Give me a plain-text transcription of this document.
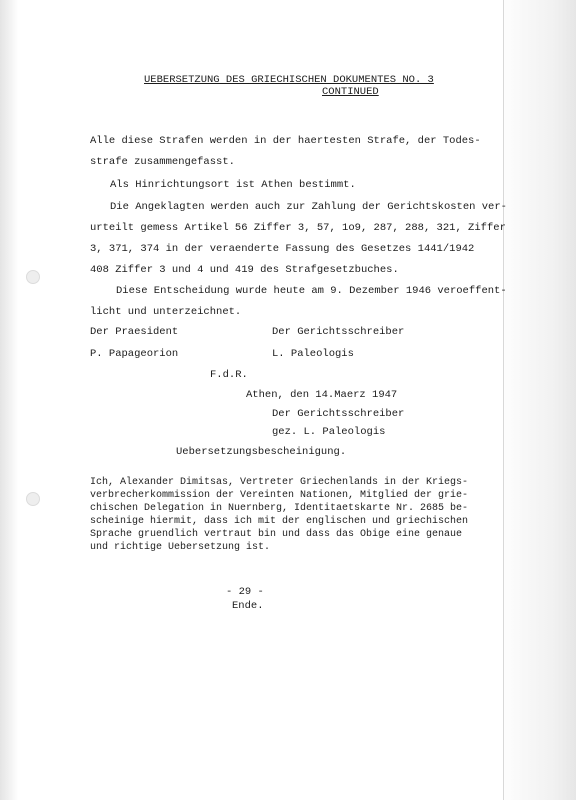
UEBERSETZUNG DES GRIECHISCHEN DOKUMENTES NO. 3
CONTINUED
Alle diese Strafen werden in der haertesten Strafe, der Todes-
strafe zusammengefasst.
Als Hinrichtungsort ist Athen bestimmt.
Die Angeklagten werden auch zur Zahlung der Gerichtskosten ver-
urteilt gemess Artikel 56 Ziffer 3, 57, 1o9, 287, 288, 321, Ziffer
3, 371, 374 in der veraenderte Fassung des Gesetzes 1441/1942
408 Ziffer 3 und 4 und 419 des Strafgesetzbuches.
Diese Entscheidung wurde heute am 9. Dezember 1946 veroeffent-
licht und unterzeichnet.
Der Praesident	Der Gerichtsschreiber
P. Papageorion	L. Paleologis
F.d.R.
Athen, den 14.Maerz 1947
Der Gerichtsschreiber
gez. L. Paleologis
Uebersetzungsbescheinigung.
Ich, Alexander Dimitsas, Vertreter Griechenlands in der Kriegs-
verbrecherkommission der Vereinten Nationen, Mitglied der grie-
chischen Delegation in Nuernberg, Identitaetskarte Nr. 2685 be-
scheinige hiermit, dass ich mit der englischen und griechischen
Sprache gruendlich vertraut bin und dass das Obige eine genaue
und richtige Uebersetzung ist.
- 29 -
Ende.
